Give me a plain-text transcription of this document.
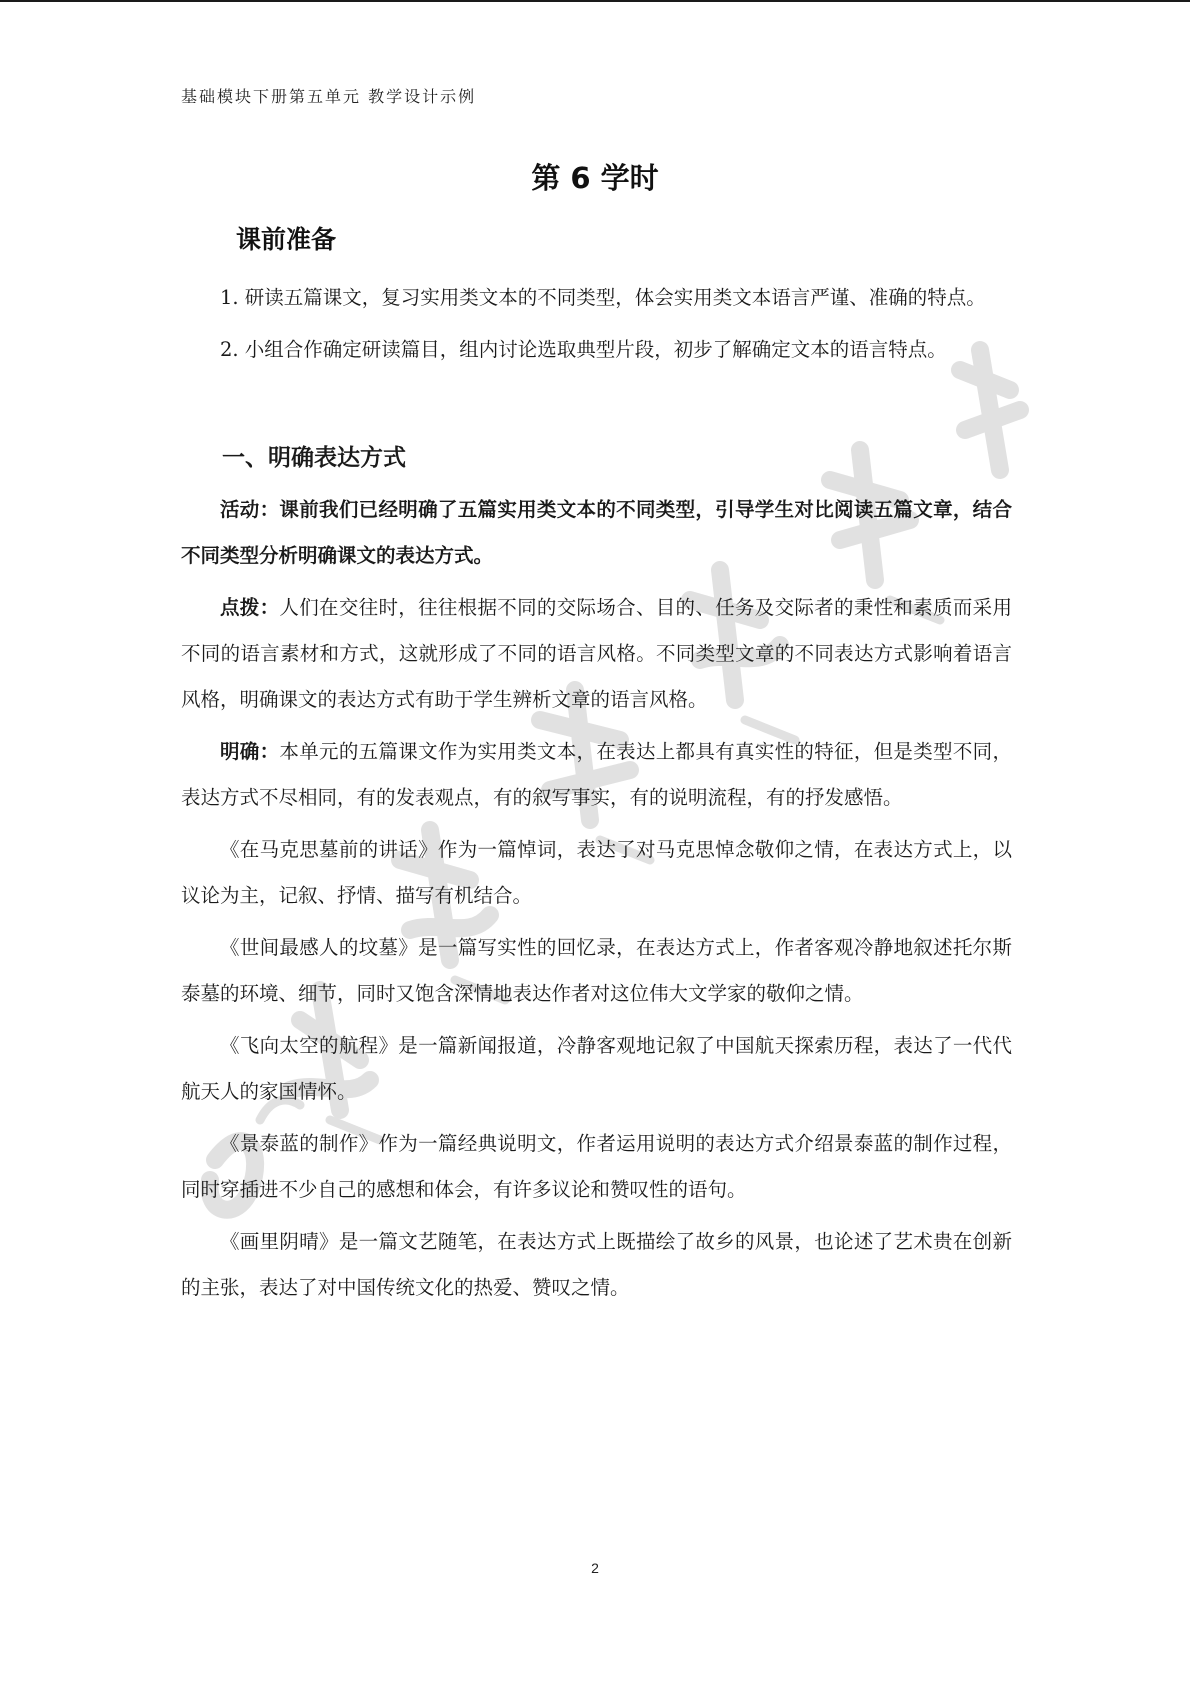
基础模块下册第五单元 教学设计示例
第 6 学时
课前准备

1. 研读五篇课文，复习实用类文本的不同类型，体会实用类文本语言严谨、准确的特点。

2. 小组合作确定研读篇目，组内讨论选取典型片段，初步了解确定文本的语言特点。

一、明确表达方式

活动：课前我们已经明确了五篇实用类文本的不同类型，引导学生对比阅读五篇文章，结合不同类型分析明确课文的表达方式。

点拨：人们在交往时，往往根据不同的交际场合、目的、任务及交际者的秉性和素质而采用不同的语言素材和方式，这就形成了不同的语言风格。不同类型文章的不同表达方式影响着语言风格，明确课文的表达方式有助于学生辨析文章的语言风格。

明确：本单元的五篇课文作为实用类文本，在表达上都具有真实性的特征，但是类型不同，表达方式不尽相同，有的发表观点，有的叙写事实，有的说明流程，有的抒发感悟。

《在马克思墓前的讲话》作为一篇悼词，表达了对马克思悼念敬仰之情，在表达方式上，以议论为主，记叙、抒情、描写有机结合。

《世间最感人的坟墓》是一篇写实性的回忆录，在表达方式上，作者客观冷静地叙述托尔斯泰墓的环境、细节，同时又饱含深情地表达作者对这位伟大文学家的敬仰之情。

《飞向太空的航程》是一篇新闻报道，冷静客观地记叙了中国航天探索历程，表达了一代代航天人的家国情怀。

《景泰蓝的制作》作为一篇经典说明文，作者运用说明的表达方式介绍景泰蓝的制作过程，同时穿插进不少自己的感想和体会，有许多议论和赞叹性的语句。

《画里阴晴》是一篇文艺随笔，在表达方式上既描绘了故乡的风景，也论述了艺术贵在创新的主张，表达了对中国传统文化的热爱、赞叹之情。

2
